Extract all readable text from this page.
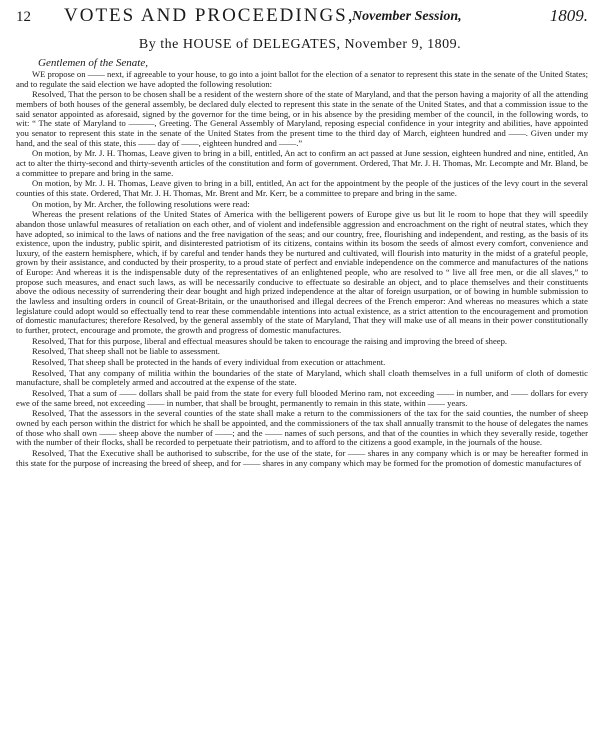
12 VOTES AND PROCEEDINGS,
November Session,	1809.
By the HOUSE of DELEGATES, November 9, 1809.
Gentlemen of the Senate,

WE propose on —— next, if agreeable to your house, to go into a joint ballot for the election of a senator to represent this state in the senate of the United States; and to regulate the said election we have adopted the following resolution:

Resolved, That the person to be chosen shall be a resident of the western shore of the state of Maryland, and that the person having a majority of all the attending members of both houses of the general assembly, be declared duly elected to represent this state in the senate of the United States, and that a commission issue to the said senator appointed as aforesaid, signed by the governor for the time being, or in his absence by the presiding member of the council, in the following words, to wit: “ The state of Maryland to ———, Greeting. The General Assembly of Maryland, reposing especial confidence in your integrity and abilities, have appointed you senator to represent this state in the senate of the United States from the present time to the third day of March, eighteen hundred and ——. Given under my hand, and the seal of this state, this —— day of ——, eighteen hundred and ——.”

On motion, by Mr. J. H. Thomas, Leave given to bring in a bill, entitled, An act to confirm an act passed at June session, eighteen hundred and nine, entitled, An act to alter the thirty-second and thirty-seventh articles of the constitution and form of government. Ordered, That Mr. J. H. Thomas, Mr. Lecompte and Mr. Bland, be a committee to prepare and bring in the same.

On motion, by Mr. J. H. Thomas, Leave given to bring in a bill, entitled, An act for the appointment by the people of the justices of the levy court in the several counties of this state. Ordered, That Mr. J. H. Thomas, Mr. Brent and Mr. Kerr, be a committee to prepare and bring in the same.

On motion, by Mr. Archer, the following resolutions were read:

Whereas the present relations of the United States of America with the belligerent powers of Europe give us but lit le room to hope that they will speedily abandon those unlawful measures of retaliation on each other, and of violent and indefensible aggression and encroachment on the right of neutral states, which they have adopted, so inimical to the laws of nations and the free navigation of the seas; and our country, free, flourishing and independent, and resting, as the basis of its existence, upon the industry, public spirit, and disinterested patriotism of its citizens, contains within its bosom the seeds of almost every comfort, convenience and luxury, of the eastern hemisphere, which, if by careful and tender hands they be nurtured and cultivated, will flourish into maturity in the midst of a grateful people, grown by their assistance, and conducted by their prosperity, to a proud state of perfect and enviable independence on the commerce and manufactures of the nations of Europe: And whereas it is the indispensable duty of the representatives of an enlightened people, who are resolved to “ live all free men, or die all slaves,” to propose such measures, and enact such laws, as will be necessarily conducive to effectuate so desirable an object, and to place themselves and their constituents above the odious necessity of surrendering their dear bought and high prized independence at the altar of foreign usurpation, or of bowing in humble submission to the lawless and insulting orders in council of Great-Britain, or the unauthorised and illegal decrees of the French emperor: And whereas no measures which a state legislature could adopt would so effectually tend to rear these commendable intentions into actual existence, as a strict attention to the encouragement and promotion of domestic manufactures; therefore Resolved, by the general assembly of the state of Maryland, That they will make use of all means in their power constitutionally to further, protect, encourage and promote, the growth and progress of domestic manufactures.

Resolved, That for this purpose, liberal and effectual measures should be taken to encourage the raising and improving the breed of sheep.

Resolved, That sheep shall not be liable to assessment.

Resolved, That sheep shall be protected in the hands of every individual from execution or attachment.

Resolved, That any company of militia within the boundaries of the state of Maryland, which shall cloath themselves in a full uniform of cloth of domestic manufacture, shall be completely armed and accoutred at the expense of the state.

Resolved, That a sum of —— dollars shall be paid from the state for every full blooded Merino ram, not exceeding —— in number, and —— dollars for every ewe of the same breed, not exceeding —— in number, that shall be brought, permanently to remain in this state, within —— years.

Resolved, That the assessors in the several counties of the state shall make a return to the commissioners of the tax for the said counties, the number of sheep owned by each person within the district for which he shall be appointed, and the commissioners of the tax shall annually transmit to the house of delegates the names of those who shall own —— sheep above the number of ——; and the —— names of such persons, and that of the counties in which they severally reside, together with the number of their flocks, shall be recorded to perpetuate their patriotism, and to afford to the citizens a good example, in the journals of the house.

Resolved, That the Executive shall be authorised to subscribe, for the use of the state, for —— shares in any company which is or may be hereafter formed in this state for the purpose of increasing the breed of sheep, and for —— shares in any company which may be formed for the promotion of domestic manufactures of
